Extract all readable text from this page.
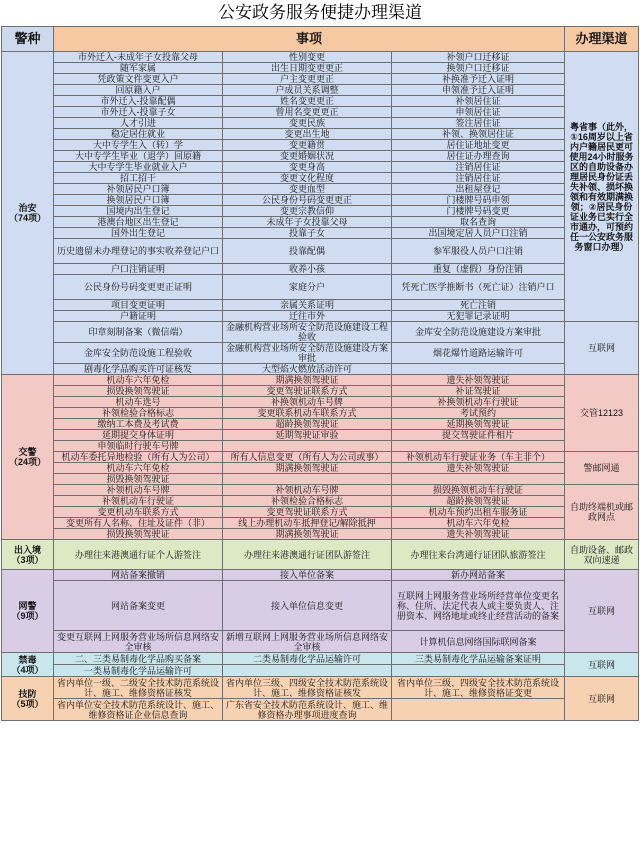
公安政务服务便捷办理渠道
警种	事项			办理渠道

治安
（74项）	市外迁入-未成年子女投靠父母	性别变更	补领户口迁移证	粤省事（此外，①16周岁以上省内户籍居民更可使用24小时服务区的自助设备办理居民身份证丢失补领、损坏换领和有效期满换领；②居民身份证业务已实行全市通办，可预约任一公安政务服务窗口办理）
	随军家属	出生日期变更更正	换领户口迁移证	
	凭政策文件变更入户	户主变更更正	补换准予迁入证明	
	回原籍入户	户成员关系调整	申领准予迁入证明	
	市外迁入-投靠配偶	姓名变更更正	补领居住证	
	市外迁入-投靠子女	曾用名变更更正	申领居住证	
	人才引进	变更民族	签注居住证	
	稳定居住就业	变更出生地	补领、换领居住证	
	大中专学生入（转）学	变更籍贯	居住证地址变更	
	大中专学生毕业（退学）回原籍	变更婚姻状况	居住证办理查询	
	大中专学生毕业就业入户	变更身高	注销居住证	
	招工招干	变更文化程度	注销居住证	
	补领居民户口簿	变更血型	出租屋登记	
	换领居民户口簿	公民身份号码变更更正	门楼牌号码申领	
	国境内出生登记	变更宗教信仰	门楼牌号码变更	
	港澳台地区出生登记	未成年子女投靠父母	取名查询	
	国外出生登记	投靠子女	出国境定居人员户口注销	
	历史遗留未办理登记的事实收养登记户口	投靠配偶	参军服役人员户口注销	
	户口注销证明	收养小孩	重复（虚假）身份注销	
	公民身份号码变更更正证明	家庭分户	凭死亡医学推断书（死亡证）注销户口	
	项目变更证明	亲属关系证明	死亡注销	
	户籍证明	迁往市外	无犯罪记录证明	
	印章刻制备案（微信端）	金融机构营业场所安全防范设施建设工程验收	金库安全防范设施建设方案审批	互联网
	金库安全防范设施工程验收	金融机构营业场所安全防范设施建设方案审批	烟花爆竹道路运输许可	
	剧毒化学品购买许可证核发	大型焰火燃放活动许可		

交警
（24项）	机动车六年免检	期满换领驾驶证	遗失补领驾驶证	交管12123
	损毁换领驾驶证	变更驾驶证联系方式	补证驾驶证	
	机动车选号	补换领机动车号牌	补换领机动车行驶证	
	补领检验合格标志	变更联系机动车联系方式	考试预约	
	缴纳工本费及考试费	超龄换领驾驶证	延期换领驾驶证	
	延期提交身体证明	延期驾驶证审验	提交驾驶证件相片	
	申领临时行驶车号牌			
	机动车委托异地检验（所有人为公司）	所有人信息变更（所有人为公司或事）	补领机动车行驶证业务（车主非个）	警邮网通
	机动车六年免检	期满换领驾驶证	遗失补领驾驶证	
	损毁换领驾驶证			
	补领机动车号牌	补领机动车号牌	损毁换领机动车行驶证	自助终端机或邮政网点
	补领机动车行驶证	补领检验合格标志	超龄换领驾驶证	
	变更机动车联系方式	变更驾驶证联系方式	机动车预约出租车服务证	
	变更所有人名称、住址及证件（非）	线上办理机动车抵押登记/解除抵押	机动车六年免检	
	损毁换领驾驶证	期满换领驾驶证	遗失补领驾驶证	

出入境
（3项）	办理往来港澳通行证个人游签注	办理往来港澳通行证团队游签注	办理往来台湾通行证团队旅游签注	自助设备、邮政双向速递

网警
（9项）	网站备案撤销	接入单位备案	新办网站备案	互联网
	网站备案变更	接入单位信息变更	互联网上网服务营业场所经营单位变更名称、住所、法定代表人或主要负责人、注册资本、网络地址或终止经营活动的备案	
	变更互联网上网服务营业场所信息网络安全审核	新增互联网上网服务营业场所信息网络安全审核	计算机信息网络国际联网备案	

禁毒
（4项）	二、三类易制毒化学品购买备案	二类易制毒化学品运输许可	三类易制毒化学品运输备案证明	互联网
	一类易制毒化学品运输许可			

技防
（5项）	省内单位一级、二级安全技术防范系统设计、施工、维修资格证核发	省内单位三级、四级安全技术防范系统设计、施工、维修资格证核发	省内单位三级、四级安全技术防范系统设计、施工、维修资格证变更	互联网
	省内单位安全技术防范系统设计、施工、维修资格证企业信息查询	广东省安全技术防范系统设计、施工、维修资格办理事项进度查询		
